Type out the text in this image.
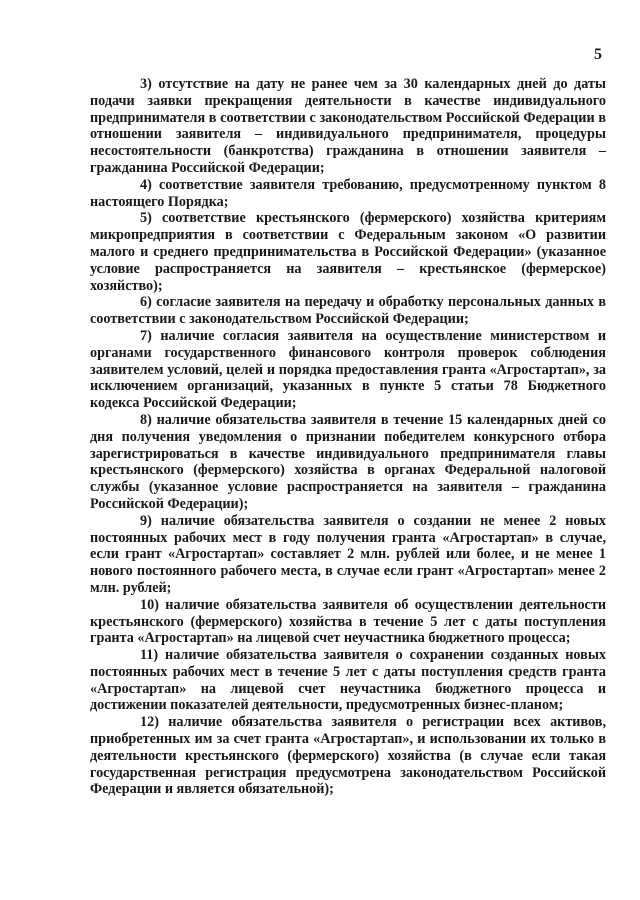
5

3) отсутствие на дату не ранее чем за 30 календарных дней до даты подачи заявки прекращения деятельности в качестве индивидуального предпринимателя в соответствии с законодательством Российской Федерации в отношении заявителя – индивидуального предпринимателя, процедуры несостоятельности (банкротства) гражданина в отношении заявителя – гражданина Российской Федерации;

4) соответствие заявителя требованию, предусмотренному пунктом 8 настоящего Порядка;

5) соответствие крестьянского (фермерского) хозяйства критериям микропредприятия в соответствии с Федеральным законом «О развитии малого и среднего предпринимательства в Российской Федерации» (указанное условие распространяется на заявителя – крестьянское (фермерское) хозяйство);

6) согласие заявителя на передачу и обработку персональных данных в соответствии с законодательством Российской Федерации;

7) наличие согласия заявителя на осуществление министерством и органами государственного финансового контроля проверок соблюдения заявителем условий, целей и порядка предоставления гранта «Агростартап», за исключением организаций, указанных в пункте 5 статьи 78 Бюджетного кодекса Российской Федерации;

8) наличие обязательства заявителя в течение 15 календарных дней со дня получения уведомления о признании победителем конкурсного отбора зарегистрироваться в качестве индивидуального предпринимателя главы крестьянского (фермерского) хозяйства в органах Федеральной налоговой службы (указанное условие распространяется на заявителя – гражданина Российской Федерации);

9) наличие обязательства заявителя о создании не менее 2 новых постоянных рабочих мест в году получения гранта «Агростартап» в случае, если грант «Агростартап» составляет 2 млн. рублей или более, и не менее 1 нового постоянного рабочего места, в случае если грант «Агростартап» менее 2 млн. рублей;

10) наличие обязательства заявителя об осуществлении деятельности крестьянского (фермерского) хозяйства в течение 5 лет с даты поступления гранта «Агростартап» на лицевой счет неучастника бюджетного процесса;

11) наличие обязательства заявителя о сохранении созданных новых постоянных рабочих мест в течение 5 лет с даты поступления средств гранта «Агростартап» на лицевой счет неучастника бюджетного процесса и достижении показателей деятельности, предусмотренных бизнес-планом;

12) наличие обязательства заявителя о регистрации всех активов, приобретенных им за счет гранта «Агростартап», и использовании их только в деятельности крестьянского (фермерского) хозяйства (в случае если такая государственная регистрация предусмотрена законодательством Российской Федерации и является обязательной);
